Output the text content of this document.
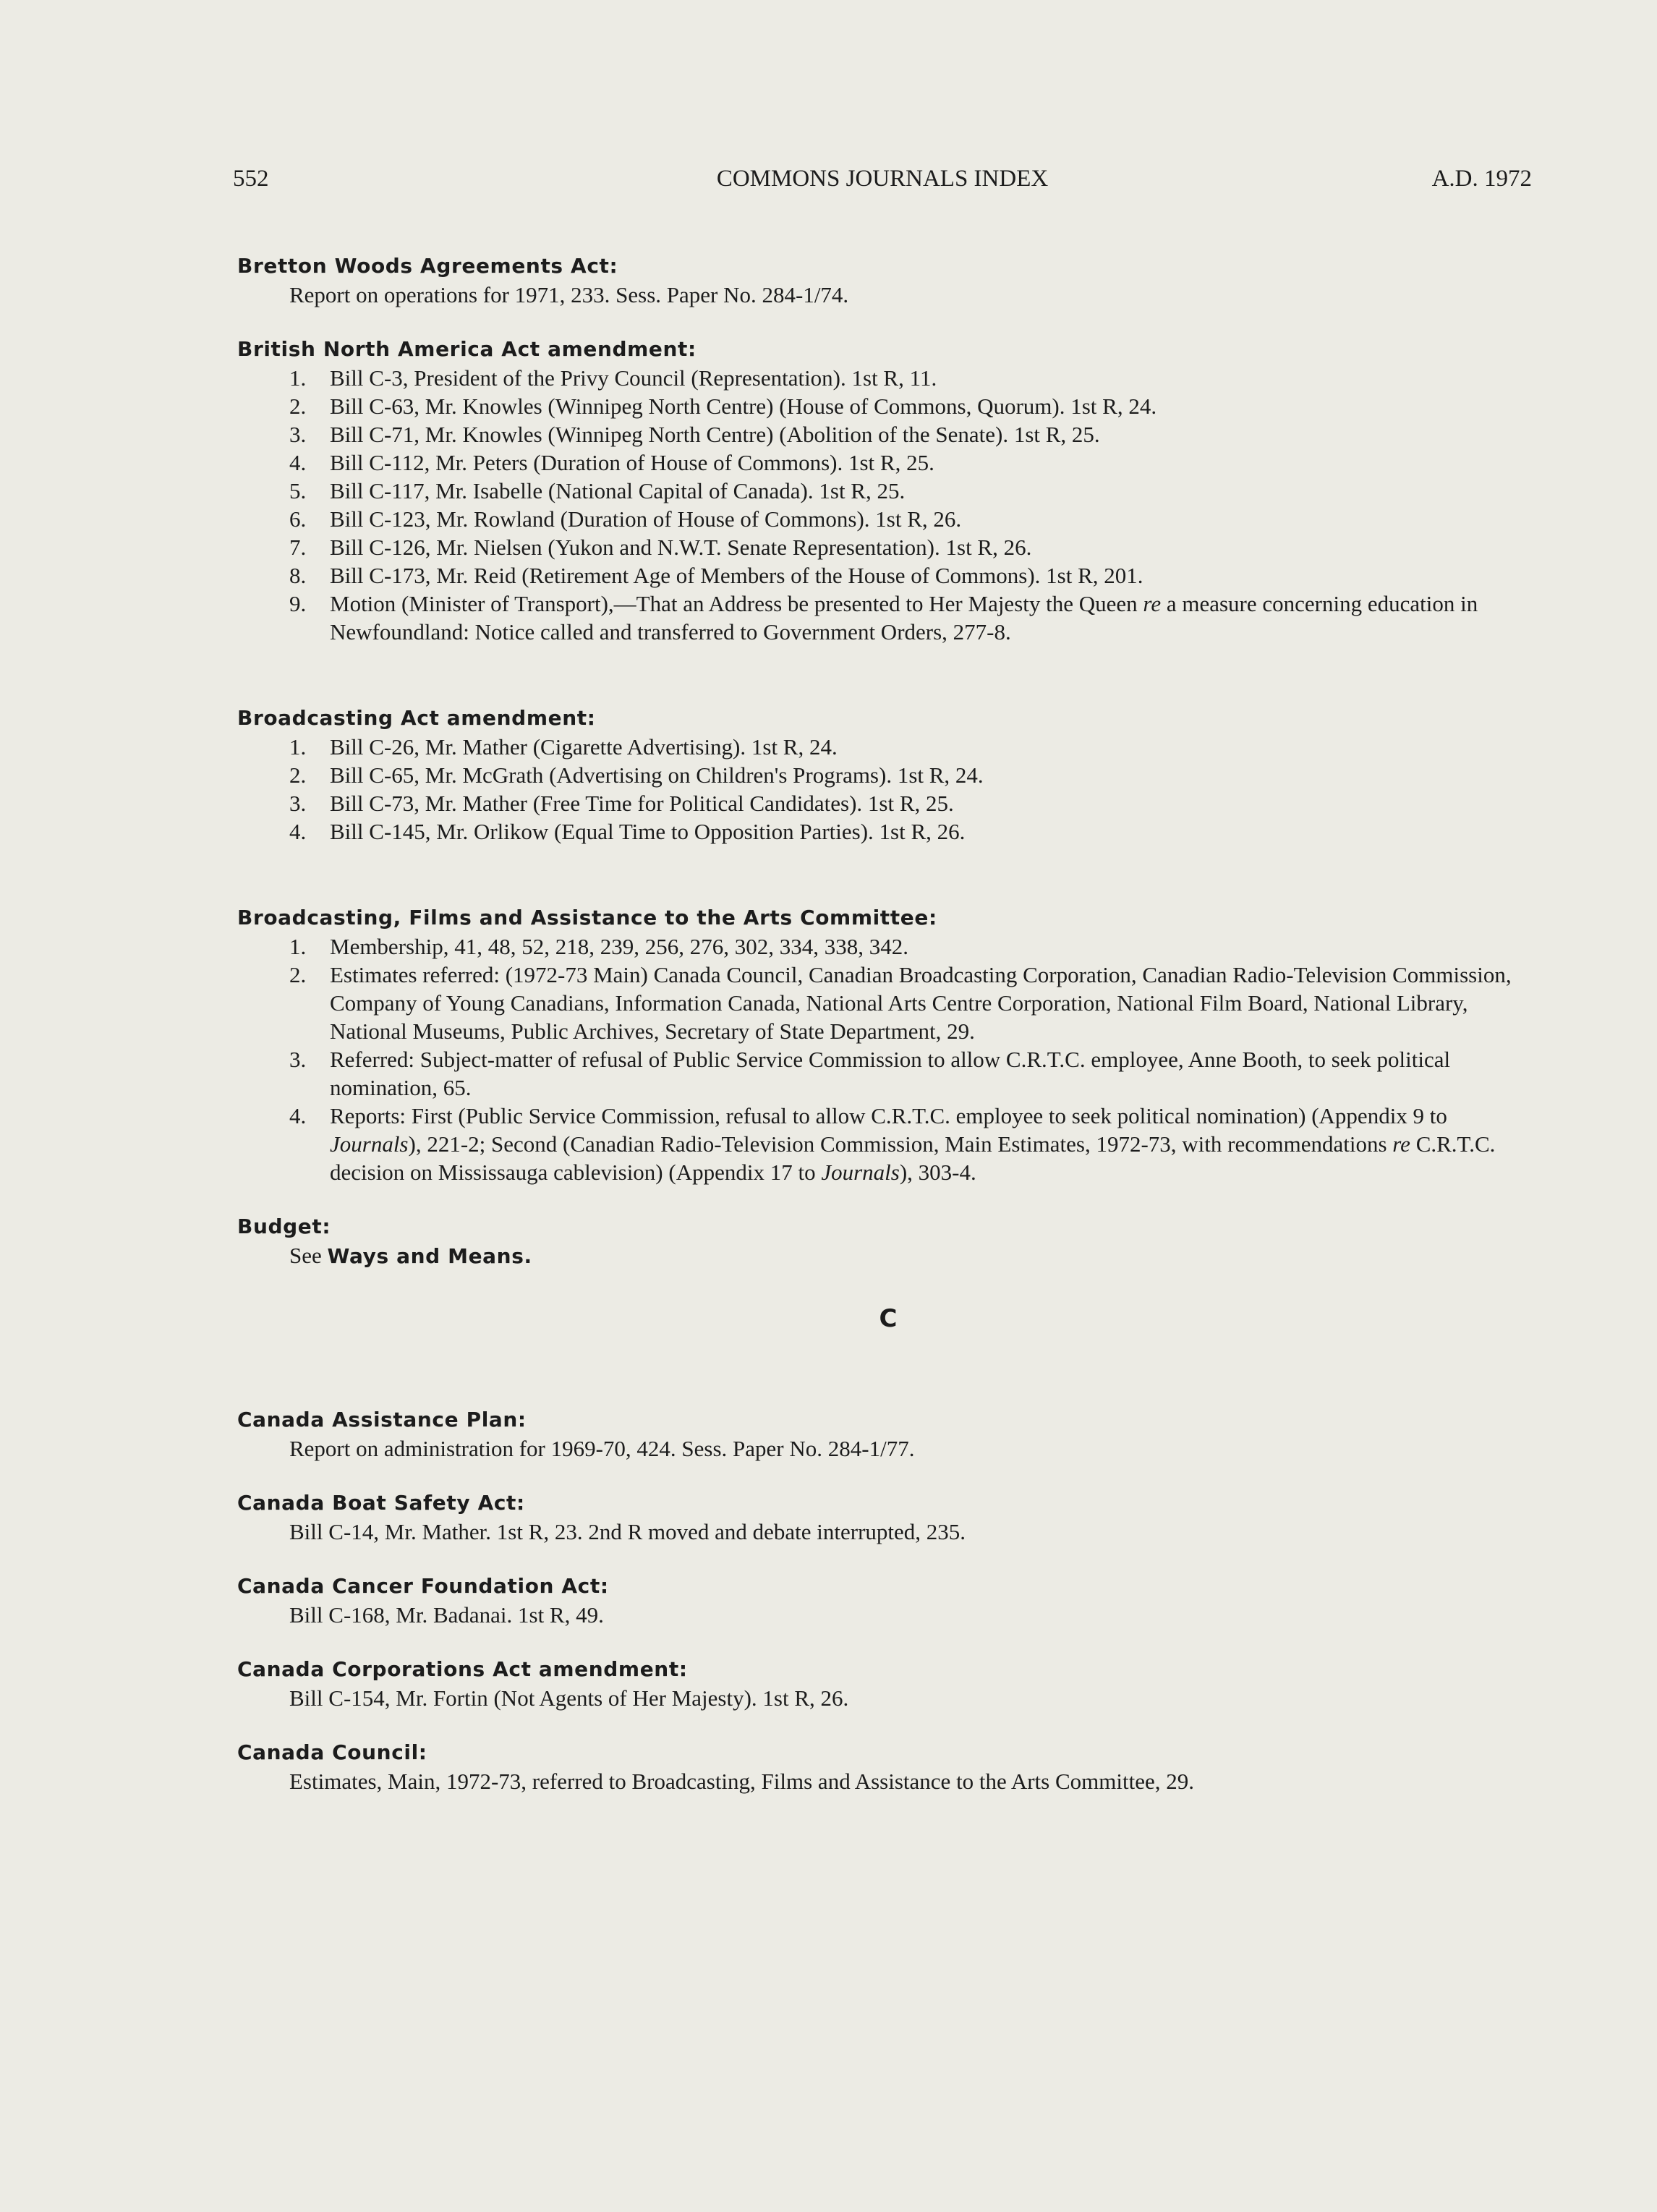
552	COMMONS JOURNALS INDEX	A.D. 1972
Bretton Woods Agreements Act:
Report on operations for 1971, 233. Sess. Paper No. 284-1/74.
British North America Act amendment:
1.	Bill C-3, President of the Privy Council (Representation). 1st R, 11.
2.	Bill C-63, Mr. Knowles (Winnipeg North Centre) (House of Commons, Quorum). 1st R, 24.
3.	Bill C-71, Mr. Knowles (Winnipeg North Centre) (Abolition of the Senate). 1st R, 25.
4.	Bill C-112, Mr. Peters (Duration of House of Commons). 1st R, 25.
5.	Bill C-117, Mr. Isabelle (National Capital of Canada). 1st R, 25.
6.	Bill C-123, Mr. Rowland (Duration of House of Commons). 1st R, 26.
7.	Bill C-126, Mr. Nielsen (Yukon and N.W.T. Senate Representation). 1st R, 26.
8.	Bill C-173, Mr. Reid (Retirement Age of Members of the House of Commons). 1st R, 201.
9.	Motion (Minister of Transport),—That an Address be presented to Her Majesty the Queen re a measure concerning education in Newfoundland: Notice called and transferred to Government Orders, 277-8.
Broadcasting Act amendment:
1.	Bill C-26, Mr. Mather (Cigarette Advertising). 1st R, 24.
2.	Bill C-65, Mr. McGrath (Advertising on Children's Programs). 1st R, 24.
3.	Bill C-73, Mr. Mather (Free Time for Political Candidates). 1st R, 25.
4.	Bill C-145, Mr. Orlikow (Equal Time to Opposition Parties). 1st R, 26.
Broadcasting, Films and Assistance to the Arts Committee:
1.	Membership, 41, 48, 52, 218, 239, 256, 276, 302, 334, 338, 342.
2.	Estimates referred: (1972-73 Main) Canada Council, Canadian Broadcasting Corporation, Canadian Radio-Television Commission, Company of Young Canadians, Information Canada, National Arts Centre Corporation, National Film Board, National Library, National Museums, Public Archives, Secretary of State Department, 29.
3.	Referred: Subject-matter of refusal of Public Service Commission to allow C.R.T.C. employee, Anne Booth, to seek political nomination, 65.
4.	Reports: First (Public Service Commission, refusal to allow C.R.T.C. employee to seek political nomination) (Appendix 9 to Journals), 221-2; Second (Canadian Radio-Television Commission, Main Estimates, 1972-73, with recommendations re C.R.T.C. decision on Mississauga cablevision) (Appendix 17 to Journals), 303-4.
Budget:
See Ways and Means.
C
Canada Assistance Plan:
Report on administration for 1969-70, 424. Sess. Paper No. 284-1/77.
Canada Boat Safety Act:
Bill C-14, Mr. Mather. 1st R, 23. 2nd R moved and debate interrupted, 235.
Canada Cancer Foundation Act:
Bill C-168, Mr. Badanai. 1st R, 49.
Canada Corporations Act amendment:
Bill C-154, Mr. Fortin (Not Agents of Her Majesty). 1st R, 26.
Canada Council:
Estimates, Main, 1972-73, referred to Broadcasting, Films and Assistance to the Arts Committee, 29.
